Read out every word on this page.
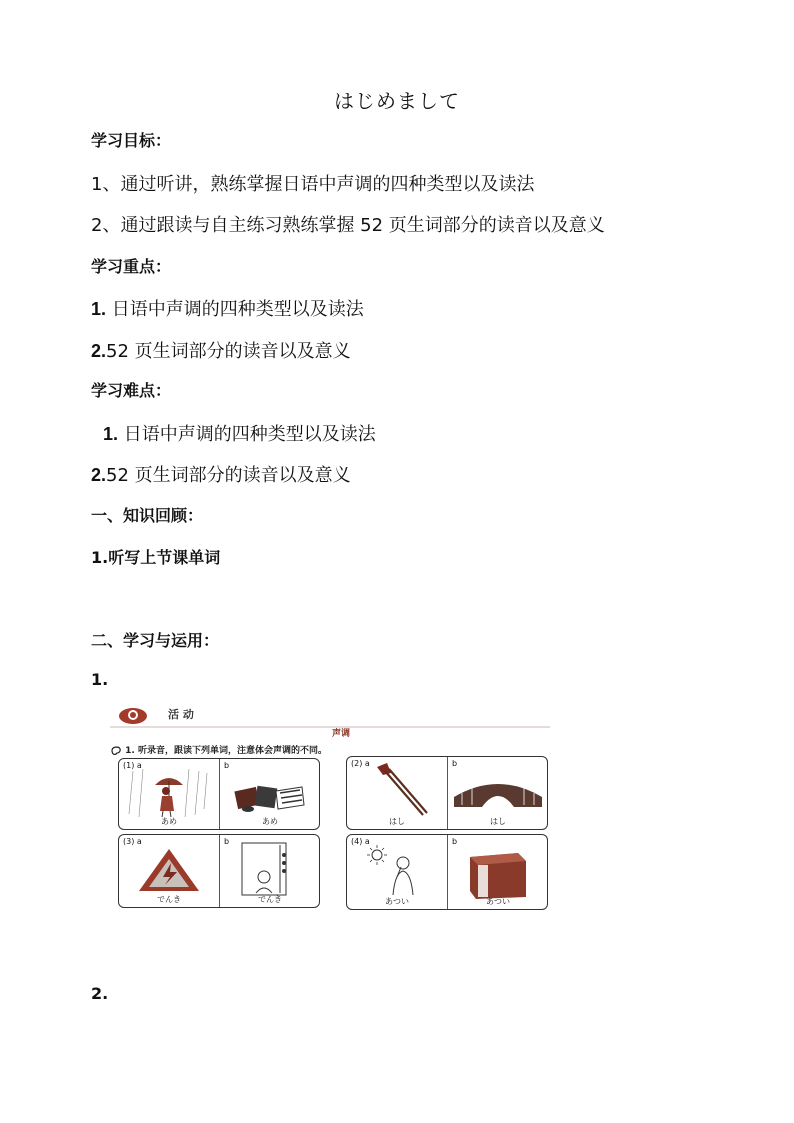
はじめまして
学习目标：
1、通过听讲，熟练掌握日语中声调的四种类型以及读法
2、通过跟读与自主练习熟练掌握 52 页生词部分的读音以及意义
学习重点：
1. 日语中声调的四种类型以及读法
2.52 页生词部分的读音以及意义
学习难点：
1. 日语中声调的四种类型以及读法
2.52 页生词部分的读音以及意义
一、知识回顾：
1.听写上节课单词
二、学习与运用：
1.
活 动
声调
1. 听录音，跟读下列单词，注意体会声调的不同。
(1) a
あめ
b
あめ
(2) a
はし
b
はし
(3) a
でんき
b
でんき
(4) a
あつい
b
あつい
2.
